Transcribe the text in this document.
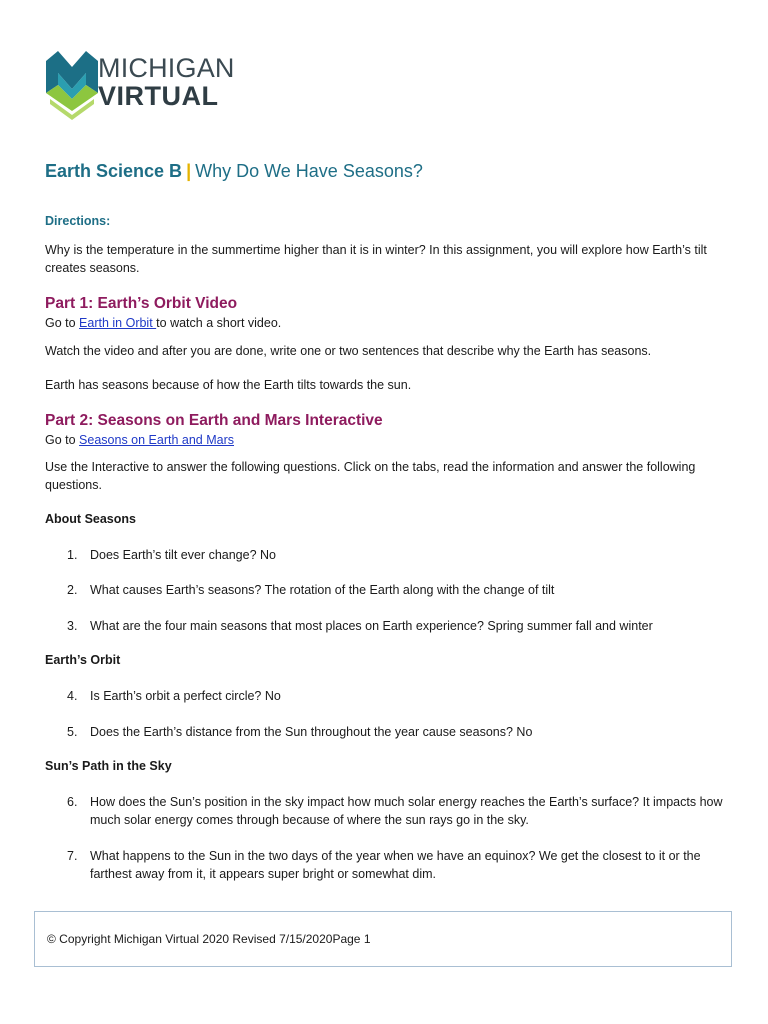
MICHIGAN
VIRTUAL
Earth Science B | Why Do We Have Seasons?
Directions:

Why is the temperature in the summertime higher than it is in winter? In this assignment, you will explore how Earth’s tilt creates seasons.

Part 1: Earth’s Orbit Video

Go to Earth in Orbit to watch a short video.

Watch the video and after you are done, write one or two sentences that describe why the Earth has seasons.

Earth has seasons because of how the Earth tilts towards the sun.

Part 2: Seasons on Earth and Mars Interactive

Go to Seasons on Earth and Mars

Use the Interactive to answer the following questions. Click on the tabs, read the information and answer the following questions.

About Seasons

1. Does Earth’s tilt ever change? No
2. What causes Earth’s seasons? The rotation of the Earth along with the change of tilt
3. What are the four main seasons that most places on Earth experience? Spring summer fall and winter

Earth’s Orbit

4. Is Earth’s orbit a perfect circle? No
5. Does the Earth’s distance from the Sun throughout the year cause seasons? No

Sun’s Path in the Sky

6. How does the Sun’s position in the sky impact how much solar energy reaches the Earth’s surface? It impacts how much solar energy comes through because of where the sun rays go in the sky.
7. What happens to the Sun in the two days of the year when we have an equinox? We get the closest to it or the farthest away from it, it appears super bright or somewhat dim.
© Copyright Michigan Virtual 2020 Revised 7/15/2020Page 1
